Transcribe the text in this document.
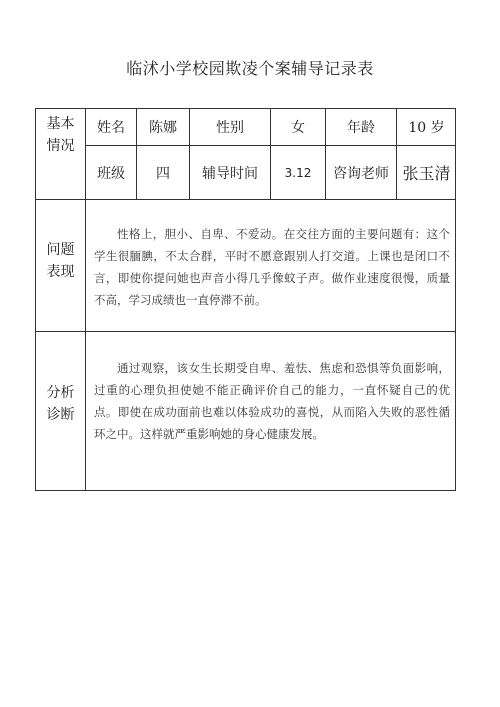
临沭小学校园欺凌个案辅导记录表
基本
情况
姓名	陈娜	性别	女	年龄	10 岁
班级	四	辅导时间	3.12	咨询老师 张玉清
问题
表现
性格上，胆小、自卑、不爱动。在交往方面的主要问题有：这个学生很腼腆，不太合群，平时不愿意跟别人打交道。上课也是闭口不言，即使你提问她也声音小得几乎像蚊子声。做作业速度很慢，质量不高，学习成绩也一直停滞不前。
分析
诊断
通过观察，该女生长期受自卑、羞怯、焦虑和恐惧等负面影响，过重的心理负担使她不能正确评价自己的能力，一直怀疑自己的优点。即使在成功面前也难以体验成功的喜悦，从而陷入失败的恶性循环之中。这样就严重影响她的身心健康发展。
